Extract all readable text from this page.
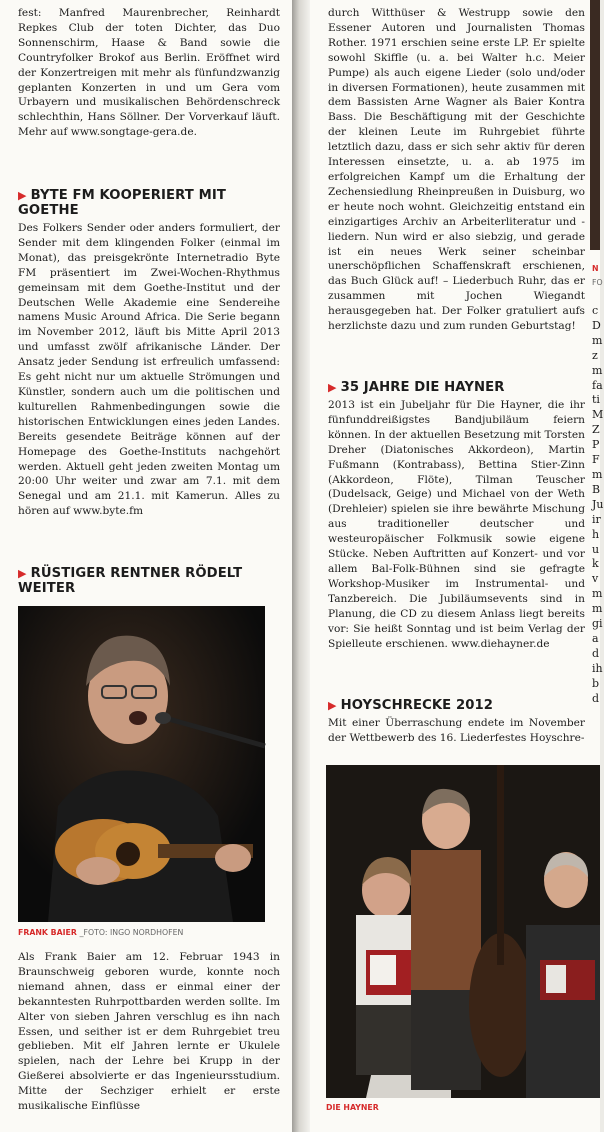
fest: Manfred Maurenbrecher, Reinhardt Repkes Club der toten Dichter, das Duo Sonnenschirm, Haase & Band sowie die Countryfolker Brokof aus Berlin. Eröffnet wird der Konzertreigen mit mehr als fünfundzwanzig geplanten Konzerten in und um Gera vom Urbayern und musikalischen Behördenschreck schlechthin, Hans Söllner. Der Vorverkauf läuft. Mehr auf www.songtage-gera.de.

▶ BYTE FM KOOPERIERT MIT GOETHE

Des Folkers Sender oder anders formuliert, der Sender mit dem klingenden Folker (einmal im Monat), das preisgekrönte Internetradio Byte FM präsentiert im Zwei-Wochen-Rhythmus gemeinsam mit dem Goethe-Institut und der Deutschen Welle Akademie eine Sendereihe namens Music Around Africa. Die Serie begann im November 2012, läuft bis Mitte April 2013 und umfasst zwölf afrikanische Länder. Der Ansatz jeder Sendung ist erfreulich umfassend: Es geht nicht nur um aktuelle Strömungen und Künstler, sondern auch um die politischen und kulturellen Rahmenbedingungen sowie die historischen Entwicklungen eines jeden Landes. Bereits gesendete Beiträge können auf der Homepage des Goethe-Instituts nachgehört werden. Aktuell geht jeden zweiten Montag um 20:00 Uhr weiter und zwar am 7.1. mit dem Senegal und am 21.1. mit Kamerun. Alles zu hören auf www.byte.fm

▶ RÜSTIGER RENTNER RÖDELT WEITER
FRANK BAIER _FOTO: INGO NORDHOFEN

Als Frank Baier am 12. Februar 1943 in Braunschweig geboren wurde, konnte noch niemand ahnen, dass er einmal einer der bekanntesten Ruhrpottbarden werden sollte. Im Alter von sieben Jahren verschlug es ihn nach Essen, und seither ist er dem Ruhrgebiet treu geblieben. Mit elf Jahren lernte er Ukulele spielen, nach der Lehre bei Krupp in der Gießerei absolvierte er das Ingenieursstudium. Mitte der Sechziger erhielt er erste musikalische Einflüsse

durch Witthüser & Westrupp sowie den Essener Autoren und Journalisten Thomas Rother. 1971 erschien seine erste LP. Er spielte sowohl Skiffle (u. a. bei Walter h.c. Meier Pumpe) als auch eigene Lieder (solo und/oder in diversen Formationen), heute zusammen mit dem Bassisten Arne Wagner als Baier Kontra Bass. Die Beschäftigung mit der Geschichte der kleinen Leute im Ruhrgebiet führte letztlich dazu, dass er sich sehr aktiv für deren Interessen einsetzte, u. a. ab 1975 im erfolgreichen Kampf um die Erhaltung der Zechensiedlung Rheinpreußen in Duisburg, wo er heute noch wohnt. Gleichzeitig entstand ein einzigartiges Archiv an Arbeiterliteratur und -liedern. Nun wird er also siebzig, und gerade ist ein neues Werk seiner scheinbar unerschöpflichen Schaffenskraft erschienen, das Buch Glück auf! – Liederbuch Ruhr, das er zusammen mit Jochen Wiegandt herausgegeben hat. Der Folker gratuliert aufs herzlichste dazu und zum runden Geburtstag!

▶ 35 JAHRE DIE HAYNER

2013 ist ein Jubeljahr für Die Hayner, die ihr fünfunddreißigstes Bandjubiläum feiern können. In der aktuellen Besetzung mit Torsten Dreher (Diatonisches Akkordeon), Martin Fußmann (Kontrabass), Bettina Stier-Zinn (Akkordeon, Flöte), Tilman Teuscher (Dudelsack, Geige) und Michael von der Weth (Drehleier) spielen sie ihre bewährte Mischung aus traditioneller deutscher und westeuropäischer Folkmusik sowie eigene Stücke. Neben Auftritten auf Konzert- und vor allem Bal-Folk-Bühnen sind sie gefragte Workshop-Musiker im Instrumental- und Tanzbereich. Die Jubiläumsevents sind in Planung, die CD zu diesem Anlass liegt bereits vor: Sie heißt Sonntag und ist beim Verlag der Spielleute erschienen. www.diehayner.de

▶ HOYSCHRECKE 2012

Mit einer Überraschung endete im November der Wettbewerb des 16. Liederfestes Hoyschre-

DIE HAYNER
N
FO
c
D
m
z
m
fa
ti
M
Z
P
F
m
B
Ju
ir
h
u
k
v
m
m
gi
a
d
ih
b
d
